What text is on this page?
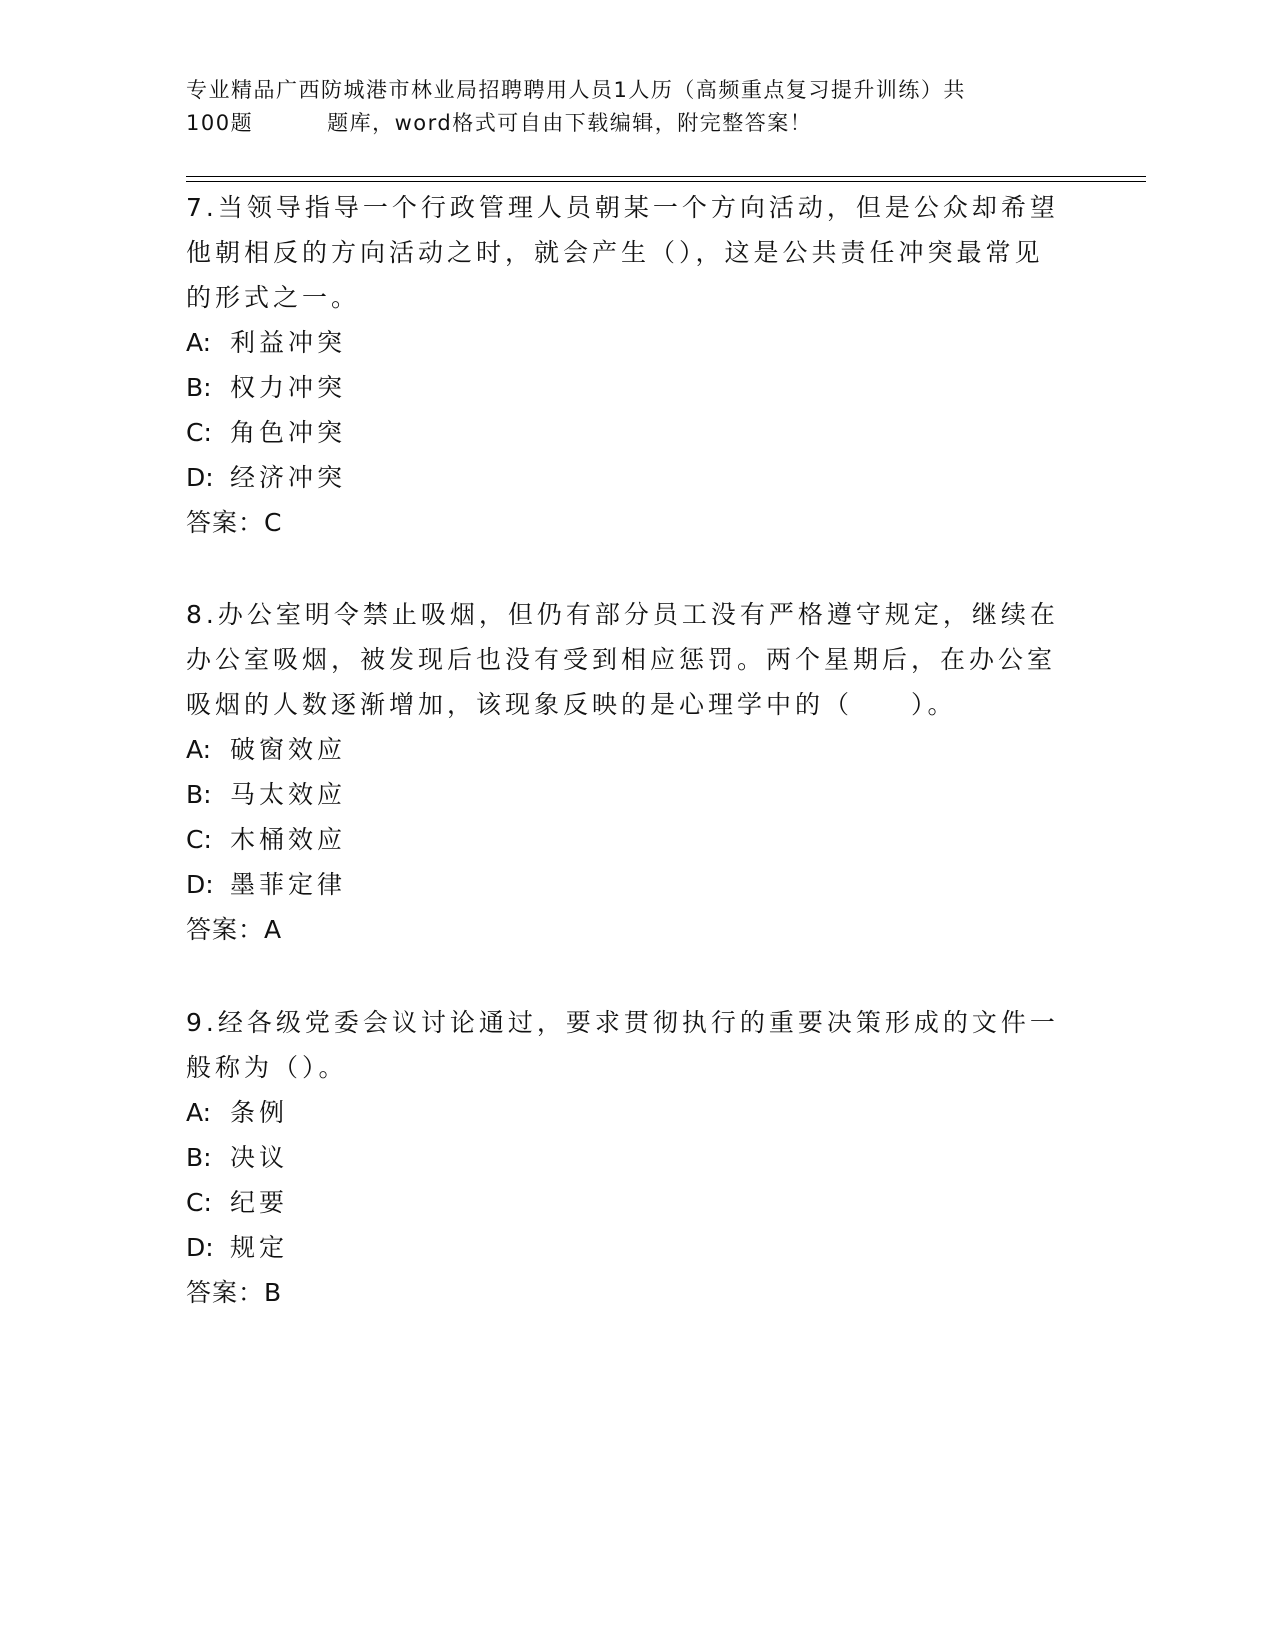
专业精品广西防城港市林业局招聘聘用人员1人历（高频重点复习提升训练）共
100题	题库，word格式可自由下载编辑，附完整答案！

7.当领导指导一个行政管理人员朝某一个方向活动，但是公众却希望他朝相反的方向活动之时，就会产生（），这是公共责任冲突最常见的形式之一。

A: 利益冲突
B: 权力冲突
C: 角色冲突
D: 经济冲突
答案：C

8.办公室明令禁止吸烟，但仍有部分员工没有严格遵守规定，继续在办公室吸烟，被发现后也没有受到相应惩罚。两个星期后，在办公室吸烟的人数逐渐增加，该现象反映的是心理学中的（　　）。

A: 破窗效应
B: 马太效应
C: 木桶效应
D: 墨菲定律
答案：A

9.经各级党委会议讨论通过，要求贯彻执行的重要决策形成的文件一般称为（）。

A: 条例
B: 决议
C: 纪要
D: 规定
答案：B
